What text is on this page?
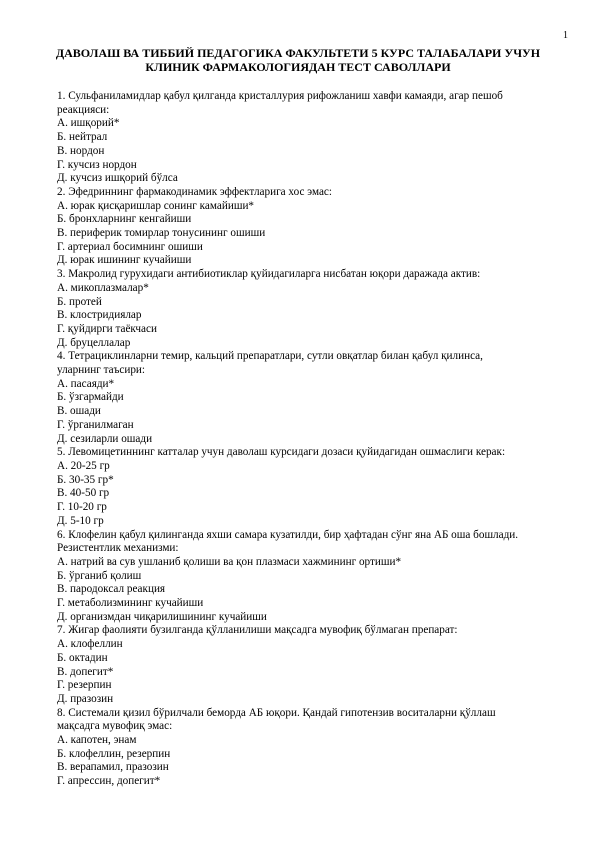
1
ДАВОЛАШ ВА ТИББИЙ ПЕДАГОГИКА ФАКУЛЬТЕТИ 5 КУРС ТАЛАБАЛАРИ УЧУН
КЛИНИК ФАРМАКОЛОГИЯДАН ТЕСТ САВОЛЛАРИ
1. Сульфаниламидлар қабул қилганда кристаллурия рифожланиш хавфи камаяди, агар пешоб
реакцияси:
А. ишқорий*
Б. нейтрал
В. нордон
Г. кучсиз нордон
Д. кучсиз ишқорий бўлса
2. Эфедриннинг фармакодинамик эффектларига хос эмас:
А. юрак қисқаришлар сонинг камайиши*
Б. бронхларнинг кенгайиши
В. периферик томирлар тонусининг ошиши
Г. артериал босимнинг ошиши
Д. юрак ишининг кучайиши
3. Макролид гурухидаги антибиотиклар қуйидагиларга нисбатан юқори даражада актив:
А. микоплазмалар*
Б. протей
В. клостридиялар
Г. қуйдирги таёкчаси
Д. бруцеллалар
4. Тетрациклинларни темир, кальций препаратлари, сутли овқатлар билан қабул қилинса,
уларнинг таъсири:
А. пасаяди*
Б. ўзгармайди
В. ошади
Г. ўрганилмаган
Д. сезиларли ошади
5. Левомицетиннинг катталар учун даволаш курсидаги дозаси қуйидагидан ошмаслиги керак:
А. 20-25 гр
Б. 30-35 гр*
В. 40-50 гр
Г. 10-20 гр
Д. 5-10 гр
6. Клофелин қабул қилинганда яхши самара кузатилди, бир ҳафтадан сўнг яна АБ оша бошлади.
Резистентлик механизми:
А. натрий ва сув ушланиб қолиши ва қон плазмаси хажмининг ортиши*
Б. ўрганиб қолиш
В. пародоксал реакция
Г. метаболизмининг кучайиши
Д. организмдан чиқарилишининг кучайиши
7. Жигар фаолияти бузилганда қўлланилиши мақсадга мувофиқ бўлмаган препарат:
А. клофеллин
Б. октадин
В. допегит*
Г. резерпин
Д. празозин
8. Системали қизил бўрилчали беморда АБ юқори. Қандай гипотензив воситаларни қўллаш
мақсадга мувофиқ эмас:
А. капотен, энам
Б. клофеллин, резерпин
В. верапамил, празозин
Г. апрессин, допегит*
